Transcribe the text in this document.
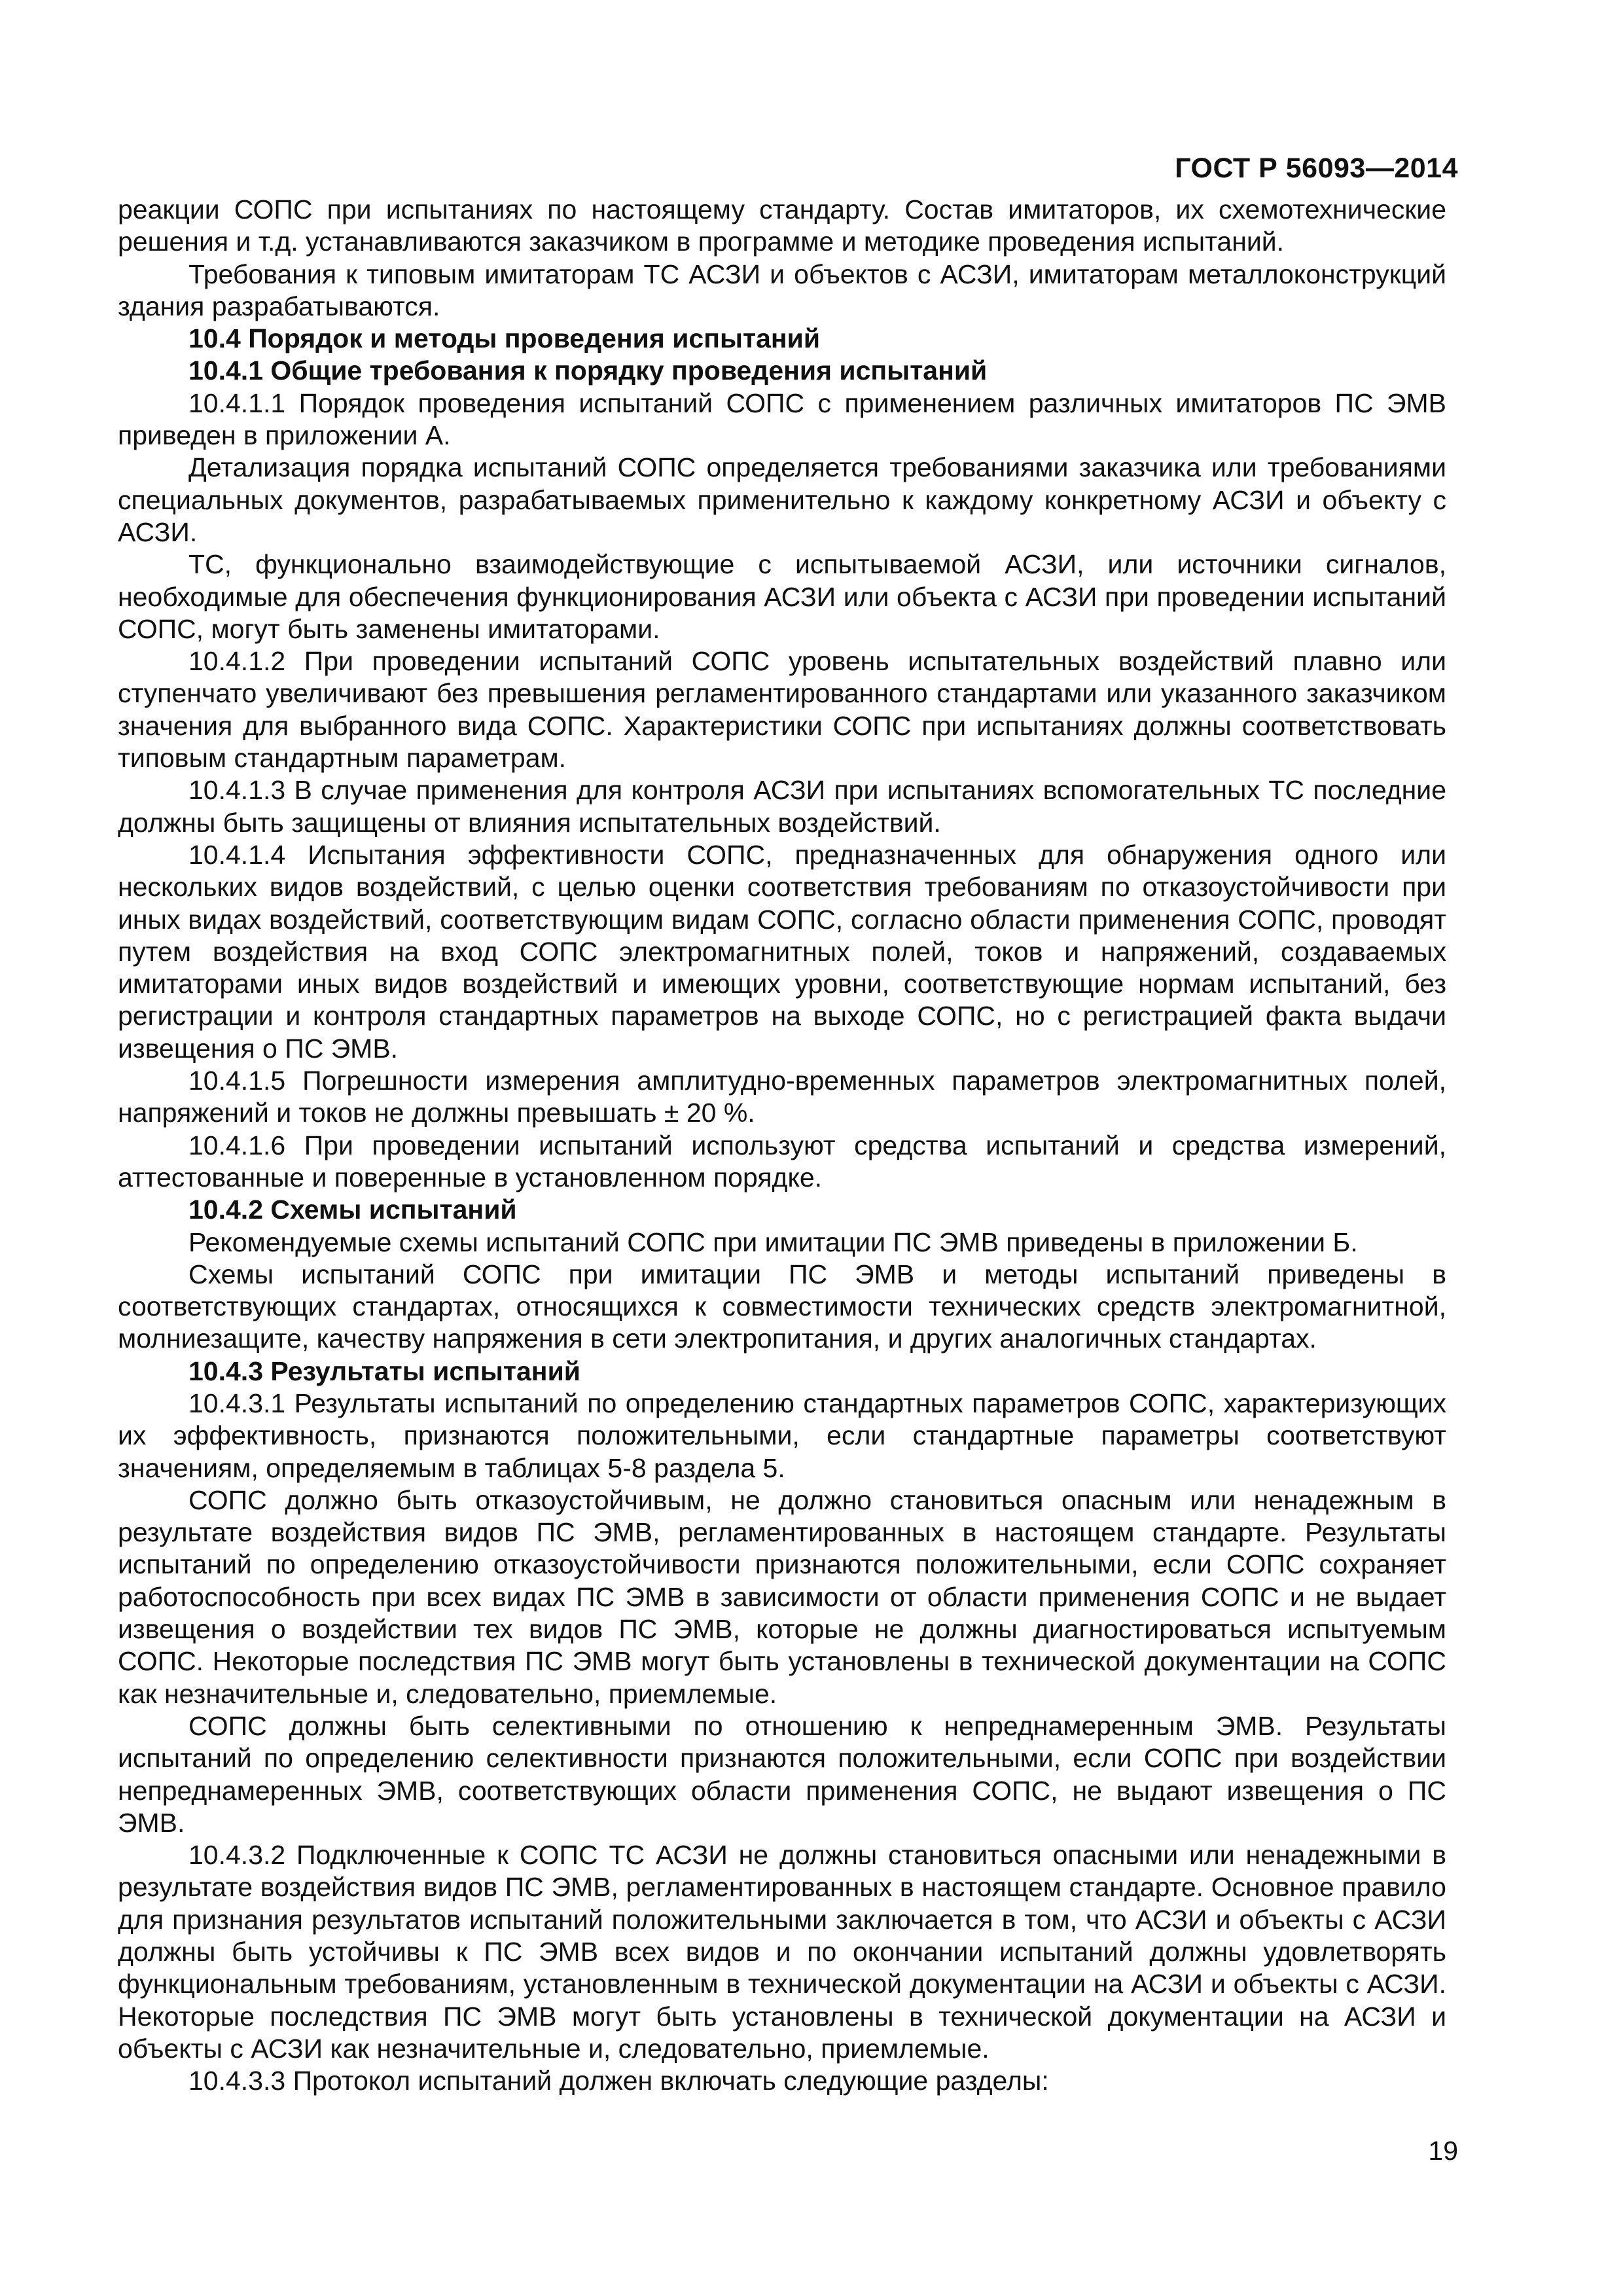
ГОСТ Р 56093—2014

реакции СОПС при испытаниях по настоящему стандарту. Состав имитаторов, их схемотехнические решения и т.д. устанавливаются заказчиком в программе и методике проведения испытаний.

Требования к типовым имитаторам ТС АСЗИ и объектов с АСЗИ, имитаторам металлоконструкций здания разрабатываются.

10.4 Порядок и методы проведения испытаний

10.4.1 Общие требования к порядку проведения испытаний

10.4.1.1 Порядок проведения испытаний СОПС с применением различных имитаторов ПС ЭМВ приведен в приложении А.

Детализация порядка испытаний СОПС определяется требованиями заказчика или требованиями специальных документов, разрабатываемых применительно к каждому конкретному АСЗИ и объекту с АСЗИ.

ТС, функционально взаимодействующие с испытываемой АСЗИ, или источники сигналов, необходимые для обеспечения функционирования АСЗИ или объекта с АСЗИ при проведении испытаний СОПС, могут быть заменены имитаторами.

10.4.1.2 При проведении испытаний СОПС уровень испытательных воздействий плавно или ступенчато увеличивают без превышения регламентированного стандартами или указанного заказчиком значения для выбранного вида СОПС. Характеристики СОПС при испытаниях должны соответствовать типовым стандартным параметрам.

10.4.1.3 В случае применения для контроля АСЗИ при испытаниях вспомогательных ТС последние должны быть защищены от влияния испытательных воздействий.

10.4.1.4 Испытания эффективности СОПС, предназначенных для обнаружения одного или нескольких видов воздействий, с целью оценки соответствия требованиям по отказоустойчивости при иных видах воздействий, соответствующим видам СОПС, согласно области применения СОПС, проводят путем воздействия на вход СОПС электромагнитных полей, токов и напряжений, создаваемых имитаторами иных видов воздействий и имеющих уровни, соответствующие нормам испытаний, без регистрации и контроля стандартных параметров на выходе СОПС, но с регистрацией факта выдачи извещения о ПС ЭМВ.

10.4.1.5 Погрешности измерения амплитудно-временных параметров электромагнитных полей, напряжений и токов не должны превышать ± 20 %.

10.4.1.6 При проведении испытаний используют средства испытаний и средства измерений, аттестованные и поверенные в установленном порядке.

10.4.2 Схемы испытаний

Рекомендуемые схемы испытаний СОПС при имитации ПС ЭМВ приведены в приложении Б.

Схемы испытаний СОПС при имитации ПС ЭМВ и методы испытаний приведены в соответствующих стандартах, относящихся к совместимости технических средств электромагнитной, молниезащите, качеству напряжения в сети электропитания, и других аналогичных стандартах.

10.4.3 Результаты испытаний

10.4.3.1 Результаты испытаний по определению стандартных параметров СОПС, характеризующих их эффективность, признаются положительными, если стандартные параметры соответствуют значениям, определяемым в таблицах 5-8 раздела 5.

СОПС должно быть отказоустойчивым, не должно становиться опасным или ненадежным в результате воздействия видов ПС ЭМВ, регламентированных в настоящем стандарте. Результаты испытаний по определению отказоустойчивости признаются положительными, если СОПС сохраняет работоспособность при всех видах ПС ЭМВ в зависимости от области применения СОПС и не выдает извещения о воздействии тех видов ПС ЭМВ, которые не должны диагностироваться испытуемым СОПС. Некоторые последствия ПС ЭМВ могут быть установлены в технической документации на СОПС как незначительные и, следовательно, приемлемые.

СОПС должны быть селективными по отношению к непреднамеренным ЭМВ. Результаты испытаний по определению селективности признаются положительными, если СОПС при воздействии непреднамеренных ЭМВ, соответствующих области применения СОПС, не выдают извещения о ПС ЭМВ.

10.4.3.2 Подключенные к СОПС ТС АСЗИ не должны становиться опасными или ненадежными в результате воздействия видов ПС ЭМВ, регламентированных в настоящем стандарте. Основное правило для признания результатов испытаний положительными заключается в том, что АСЗИ и объекты с АСЗИ должны быть устойчивы к ПС ЭМВ всех видов и по окончании испытаний должны удовлетворять функциональным требованиям, установленным в технической документации на АСЗИ и объекты с АСЗИ. Некоторые последствия ПС ЭМВ могут быть установлены в технической документации на АСЗИ и объекты с АСЗИ как незначительные и, следовательно, приемлемые.

10.4.3.3 Протокол испытаний должен включать следующие разделы:

19
